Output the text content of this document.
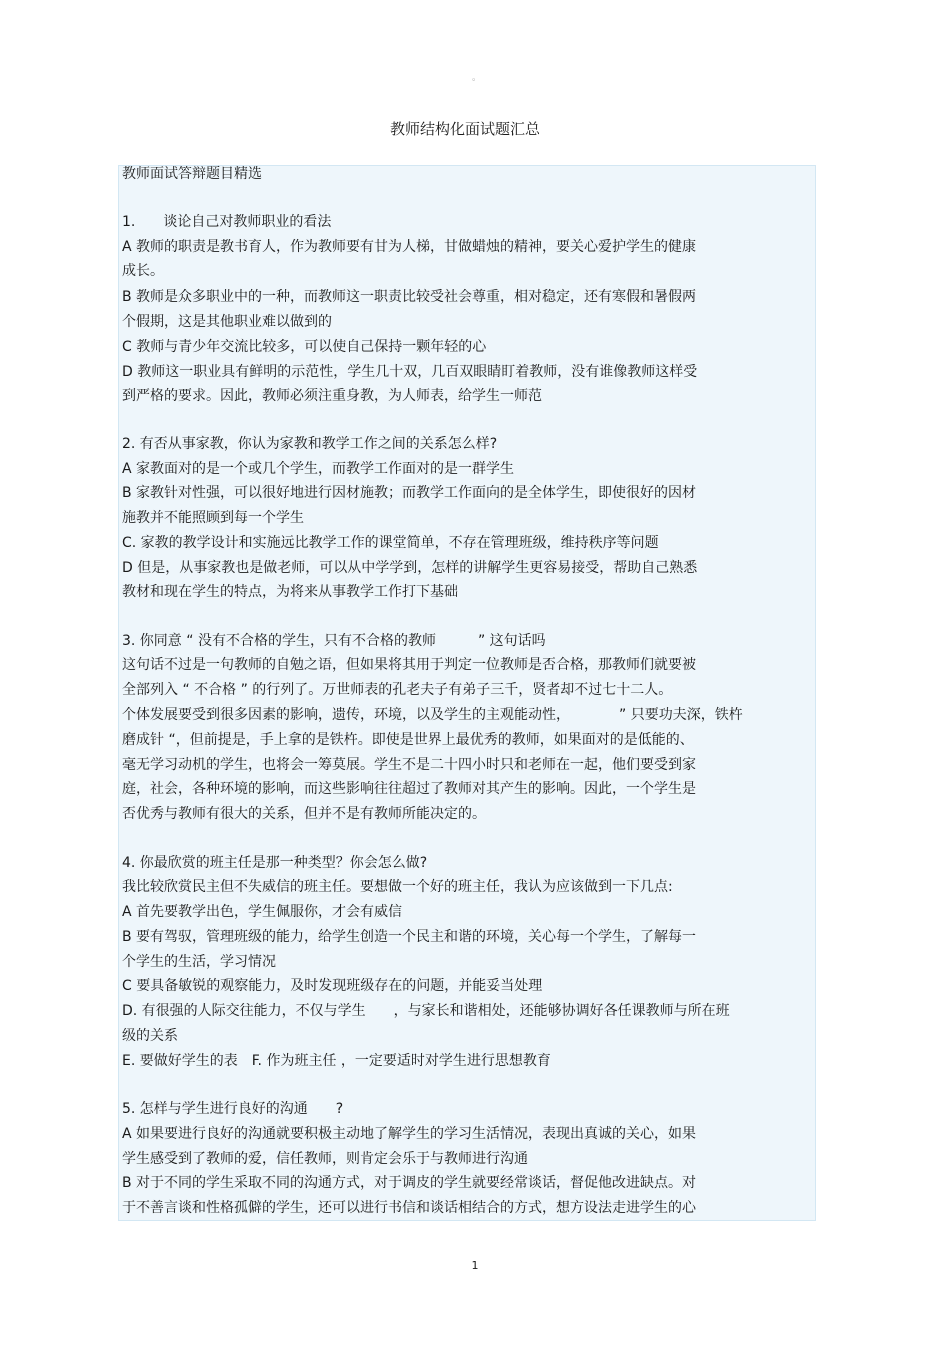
。
教师结构化面试题汇总
教师面试答辩题目精选
1.　　谈论自己对教师职业的看法
A 教师的职责是教书育人，作为教师要有甘为人梯，甘做蜡烛的精神，要关心爱护学生的健康
成长。
B 教师是众多职业中的一种，而教师这一职责比较受社会尊重，相对稳定，还有寒假和暑假两
个假期，这是其他职业难以做到的
C 教师与青少年交流比较多，可以使自己保持一颗年轻的心
D 教师这一职业具有鲜明的示范性，学生几十双，几百双眼睛盯着教师，没有谁像教师这样受
到严格的要求。因此，教师必须注重身教，为人师表，给学生一师范
2. 有否从事家教，你认为家教和教学工作之间的关系怎么样?
A 家教面对的是一个或几个学生，而教学工作面对的是一群学生
B 家教针对性强，可以很好地进行因材施教；而教学工作面向的是全体学生，即使很好的因材
施教并不能照顾到每一个学生
C. 家教的教学设计和实施远比教学工作的课堂简单，不存在管理班级，维持秩序等问题
D 但是，从事家教也是做老师，可以从中学学到，怎样的讲解学生更容易接受，帮助自己熟悉
教材和现在学生的特点，为将来从事教学工作打下基础
3. 你同意 “ 没有不合格的学生，只有不合格的教师　　　” 这句话吗
这句话不过是一句教师的自勉之语，但如果将其用于判定一位教师是否合格，那教师们就要被
全部列入 “ 不合格 ” 的行列了。万世师表的孔老夫子有弟子三千，贤者却不过七十二人。
个体发展要受到很多因素的影响，遗传，环境，以及学生的主观能动性，　　　　” 只要功夫深，铁杵
磨成针 “，但前提是，手上拿的是铁杵。即使是世界上最优秀的教师，如果面对的是低能的、
毫无学习动机的学生，也将会一筹莫展。学生不是二十四小时只和老师在一起，他们要受到家
庭，社会，各种环境的影响，而这些影响往往超过了教师对其产生的影响。因此，一个学生是
否优秀与教师有很大的关系，但并不是有教师所能决定的。
4. 你最欣赏的班主任是那一种类型？你会怎么做?
我比较欣赏民主但不失威信的班主任。要想做一个好的班主任，我认为应该做到一下几点:
A 首先要教学出色，学生佩服你，才会有威信
B 要有驾驭，管理班级的能力，给学生创造一个民主和谐的环境，关心每一个学生，了解每一
个学生的生活，学习情况
C 要具备敏锐的观察能力，及时发现班级存在的问题，并能妥当处理
D. 有很强的人际交往能力，不仅与学生　　，与家长和谐相处，还能够协调好各任课教师与所在班
级的关系
E. 要做好学生的表　F. 作为班主任 ，一定要适时对学生进行思想教育
5. 怎样与学生进行良好的沟通　　?
A 如果要进行良好的沟通就要积极主动地了解学生的学习生活情况，表现出真诚的关心，如果
学生感受到了教师的爱，信任教师，则肯定会乐于与教师进行沟通
B 对于不同的学生采取不同的沟通方式，对于调皮的学生就要经常谈话，督促他改进缺点。对
于不善言谈和性格孤僻的学生，还可以进行书信和谈话相结合的方式，想方设法走进学生的心
1
